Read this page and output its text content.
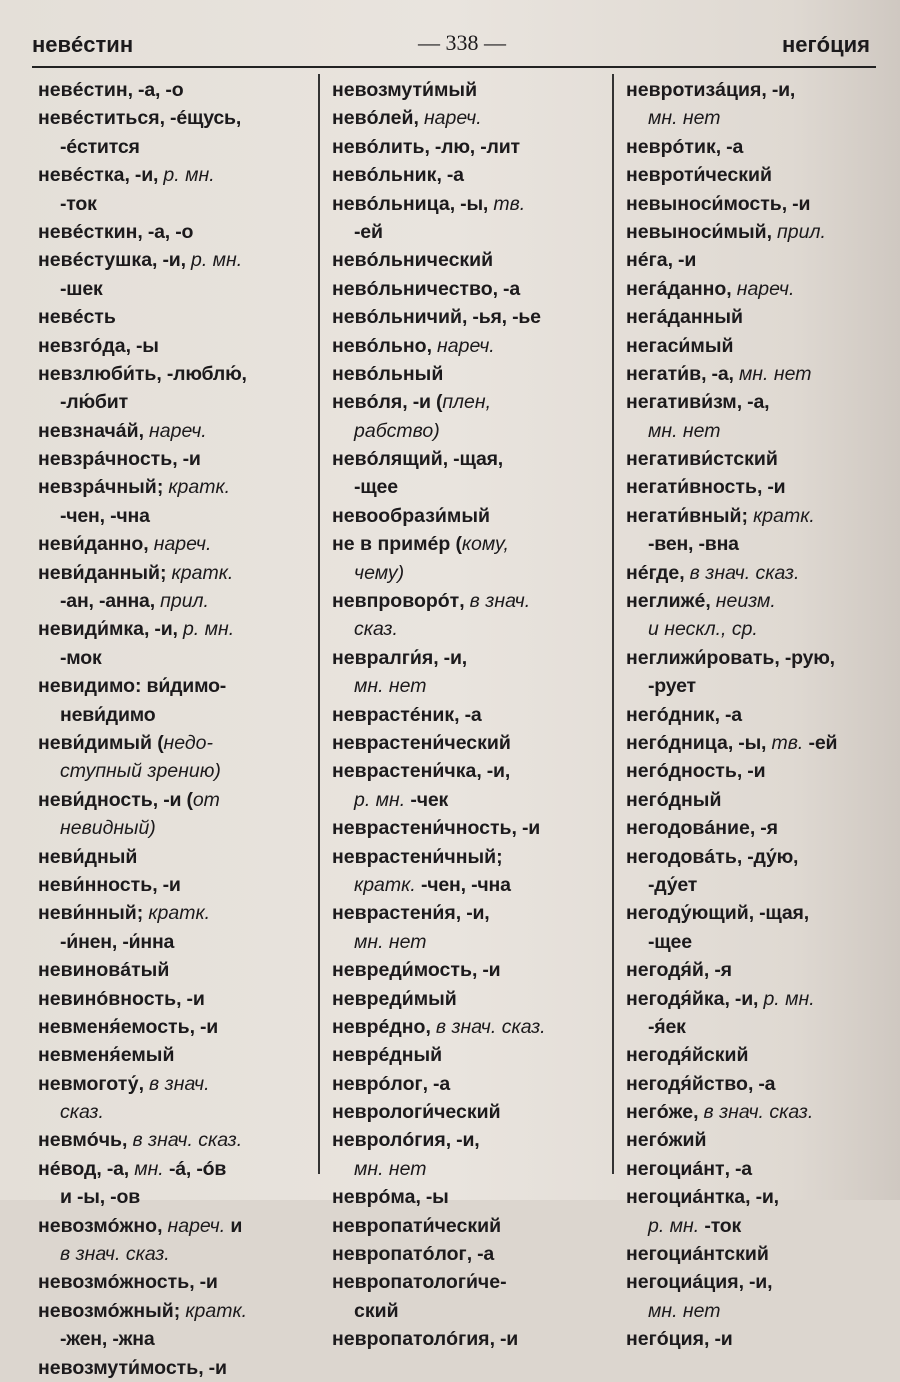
невéстин	— 338 —	негóция
невéстин, -а, -о
невéститься, -éщусь,
-éстится
невéстка, -и, р. мн.
-ток
невéсткин, -а, -о
невéстушка, -и, р. мн.
-шек
невéсть
невзгóда, -ы
невзлюби́ть, -люблю́,
-лю́бит
невзначáй, нареч.
невзрáчность, -и
невзрáчный; кратк.
-чен, -чна
неви́данно, нареч.
неви́данный; кратк.
-ан, -анна, прил.
невиди́мка, -и, р. мн.
-мок
невидимо: ви́димо-
неви́димо
неви́димый (недо-
ступный зрению)
неви́дность, -и (от
невидный)
неви́дный
неви́нность, -и
неви́нный; кратк.
-и́нен, -и́нна
невиновáтый
невинóвность, -и
невменя́емость, -и
невменя́емый
невмоготу́, в знач.
сказ.
невмóчь, в знач. сказ.
нéвод, -а, мн. -á, -óв
и -ы, -ов
невозмóжно, нареч. и
в знач. сказ.
невозмóжность, -и
невозмóжный; кратк.
-жен, -жна
невозмути́мость, -и
невозмути́мый
невóлей, нареч.
невóлить, -лю, -лит
невóльник, -а
невóльница, -ы, тв.
-ей
невóльнический
невóльничество, -а
невóльничий, -ья, -ье
невóльно, нареч.
невóльный
невóля, -и (плен,
рабство)
невóлящий, -щая,
-щее
невообрази́мый
не в примéр (кому,
чему)
невпроворóт, в знач.
сказ.
невралги́я, -и,
мн. нет
неврастéник, -а
неврастени́ческий
неврастени́чка, -и,
р. мн. -чек
неврастени́чность, -и
неврастени́чный;
кратк. -чен, -чна
неврастени́я, -и,
мн. нет
невреди́мость, -и
невреди́мый
неврéдно, в знач. сказ.
неврéдный
неврóлог, -а
неврологи́ческий
невролóгия, -и,
мн. нет
неврóма, -ы
невропати́ческий
невропатóлог, -а
невропатологи́че-
ский
невропатолóгия, -и
невротизáция, -и,
мн. нет
неврóтик, -а
невроти́ческий
невыноси́мость, -и
невыноси́мый, прил.
нéга, -и
негáданно, нареч.
негáданный
негаси́мый
негати́в, -а, мн. нет
негативи́зм, -а,
мн. нет
негативи́стский
негати́вность, -и
негати́вный; кратк.
-вен, -вна
нéгде, в знач. сказ.
неглижé, неизм.
и нескл., ср.
неглижи́ровать, -рую,
-рует
негóдник, -а
негóдница, -ы, тв. -ей
негóдность, -и
негóдный
негодовáние, -я
негодовáть, -ду́ю,
-ду́ет
негоду́ющий, -щая,
-щее
негодя́й, -я
негодя́йка, -и, р. мн.
-я́ек
негодя́йский
негодя́йство, -а
негóже, в знач. сказ.
негóжий
негоциáнт, -а
негоциáнтка, -и,
р. мн. -ток
негоциáнтский
негоциáция, -и,
мн. нет
негóция, -и
